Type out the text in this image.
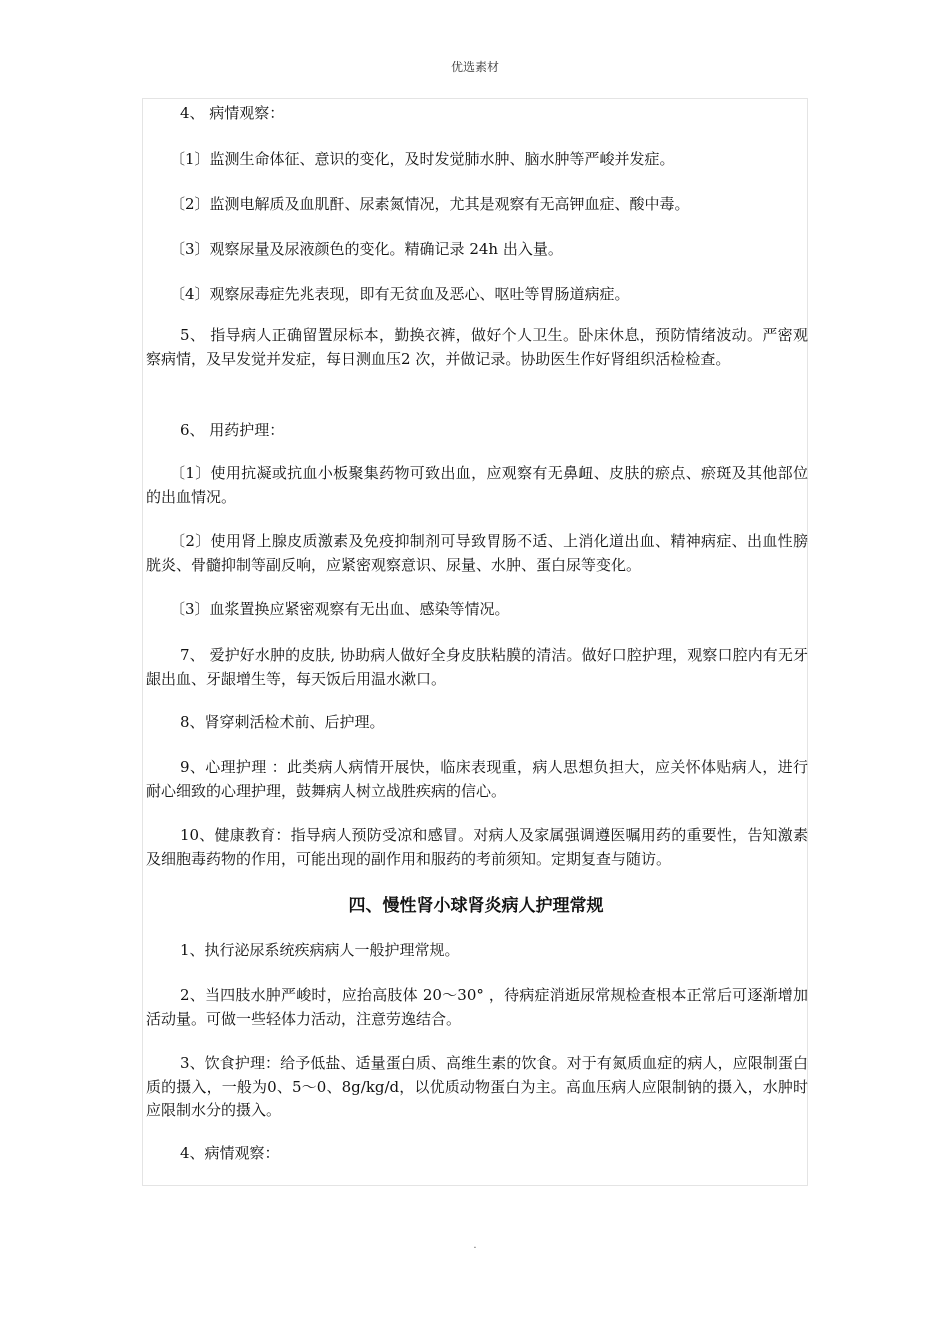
优选素材

4、 病情观察：

〔1〕监测生命体征、意识的变化，及时发觉肺水肿、脑水肿等严峻并发症。

〔2〕监测电解质及血肌酐、尿素氮情况，尤其是观察有无高钾血症、酸中毒。

〔3〕观察尿量及尿液颜色的变化。精确记录 24h 出入量。

〔4〕观察尿毒症先兆表现，即有无贫血及恶心、呕吐等胃肠道病症。

5、 指导病人正确留置尿标本，勤换衣裤，做好个人卫生。卧床休息，预防情绪波动。严密观察病情，及早发觉并发症，每日测血压2 次，并做记录。协助医生作好肾组织活检检查。

6、 用药护理：

〔1〕使用抗凝或抗血小板聚集药物可致出血，应观察有无鼻衄、皮肤的瘀点、瘀斑及其他部位的出血情况。

〔2〕使用肾上腺皮质激素及免疫抑制剂可导致胃肠不适、上消化道出血、精神病症、出血性膀胱炎、骨髓抑制等副反响，应紧密观察意识、尿量、水肿、蛋白尿等变化。

〔3〕血浆置换应紧密观察有无出血、感染等情况。

7、 爱护好水肿的皮肤, 协助病人做好全身皮肤粘膜的清洁。做好口腔护理，观察口腔内有无牙龈出血、牙龈增生等，每天饭后用温水漱口。

8、肾穿刺活检术前、后护理。

9、心理护理 ：此类病人病情开展快，临床表现重，病人思想负担大，应关怀体贴病人，进行耐心细致的心理护理，鼓舞病人树立战胜疾病的信心。

10、健康教育：指导病人预防受凉和感冒。对病人及家属强调遵医嘱用药的重要性，告知激素及细胞毒药物的作用，可能出现的副作用和服药的考前须知。定期复查与随访。

四、慢性肾小球肾炎病人护理常规

1、执行泌尿系统疾病病人一般护理常规。

2、当四肢水肿严峻时，应抬高肢体 20～30° ，待病症消逝尿常规检查根本正常后可逐渐增加活动量。可做一些轻体力活动，注意劳逸结合。

3、饮食护理：给予低盐、适量蛋白质、高维生素的饮食。对于有氮质血症的病人，应限制蛋白质的摄入，一般为0、5～0、8g/kg/d，以优质动物蛋白为主。高血压病人应限制钠的摄入，水肿时应限制水分的摄入。

4、病情观察：

.
